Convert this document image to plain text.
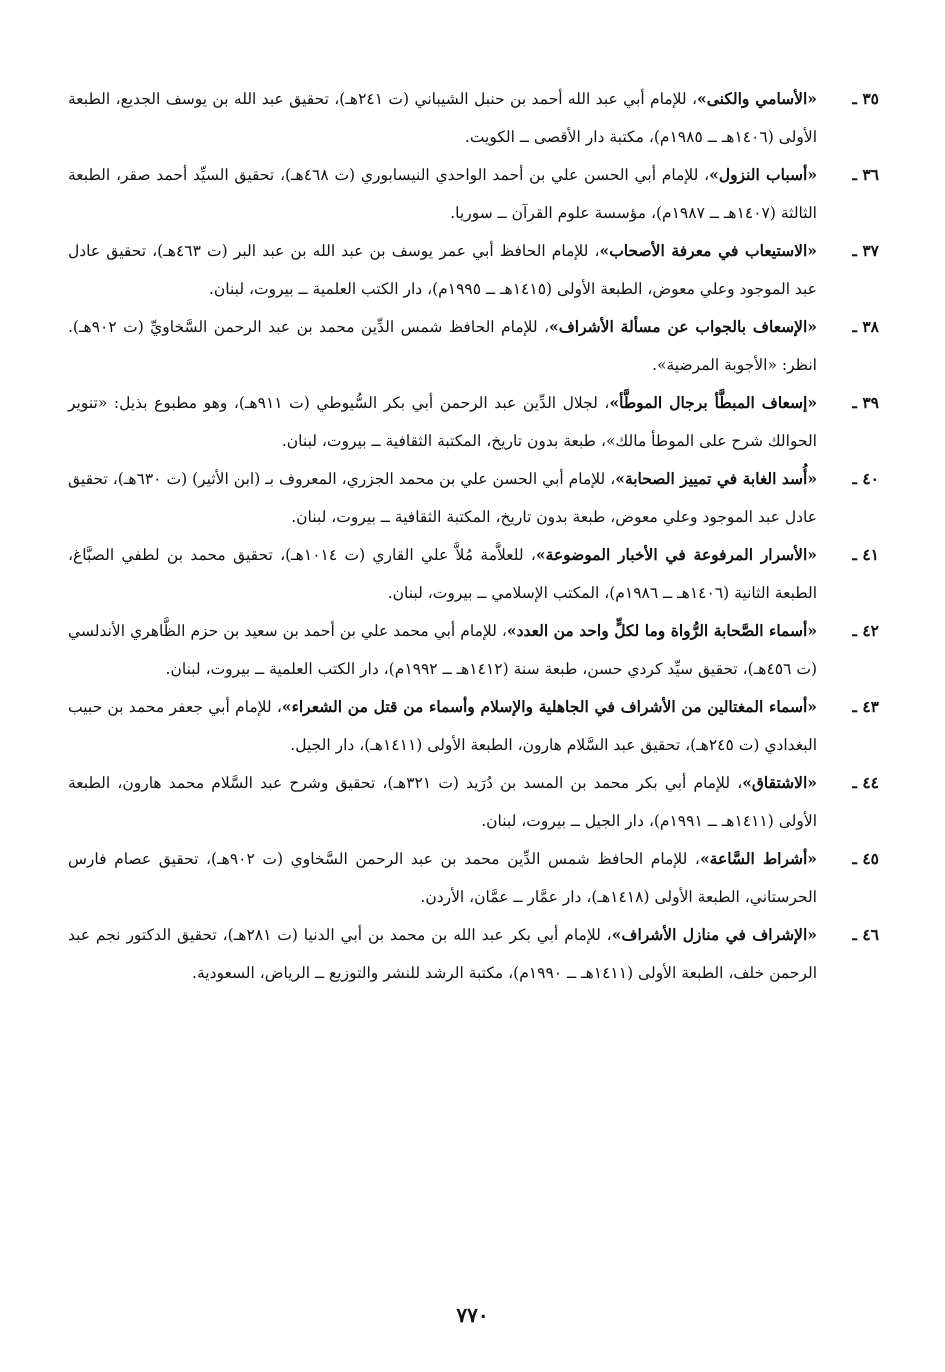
٣٥ ـ
«الأسامي والكنى»، للإمام أبي عبد الله أحمد بن حنبل الشيباني (ت ٢٤١هـ)، تحقيق عبد الله بن يوسف الجديع، الطبعة الأولى (١٤٠٦هـ ــ ١٩٨٥م)، مكتبة دار الأقصى ــ الكويت.

٣٦ ـ
«أسباب النزول»، للإمام أبي الحسن علي بن أحمد الواحدي النيسابوري (ت ٤٦٨هـ)، تحقيق السيِّد أحمد صقر، الطبعة الثالثة (١٤٠٧هـ ــ ١٩٨٧م)، مؤسسة علوم القرآن ــ سوريا.

٣٧ ـ
«الاستيعاب في معرفة الأصحاب»، للإمام الحافظ أبي عمر يوسف بن عبد الله بن عبد البر (ت ٤٦٣هـ)، تحقيق عادل عبد الموجود وعلي معوض، الطبعة الأولى (١٤١٥هـ ــ ١٩٩٥م)، دار الكتب العلمية ــ بيروت، لبنان.

٣٨ ـ
«الإسعاف بالجواب عن مسألة الأشراف»، للإمام الحافظ شمس الدِّين محمد بن عبد الرحمن السَّخاويِّ (ت ٩٠٢هـ). انظر: «الأجوبة المرضية».

٣٩ ـ
«إسعاف المبطَّأ برجال الموطَّأ»، لجلال الدِّين عبد الرحمن أبي بكر السُّيوطي (ت ٩١١هـ)، وهو مطبوع بذيل: «تنوير الحوالك شرح على الموطأ مالك»، طبعة بدون تاريخ، المكتبة الثقافية ــ بيروت، لبنان.

٤٠ ـ
«أُسد الغابة في تمييز الصحابة»، للإمام أبي الحسن علي بن محمد الجزري، المعروف بـ (ابن الأثير) (ت ٦٣٠هـ)، تحقيق عادل عبد الموجود وعلي معوض، طبعة بدون تاريخ، المكتبة الثقافية ــ بيروت، لبنان.

٤١ ـ
«الأسرار المرفوعة في الأخبار الموضوعة»، للعلاَّمة مُلاَّ علي القاري (ت ١٠١٤هـ)، تحقيق محمد بن لطفي الصبَّاغ، الطبعة الثانية (١٤٠٦هـ ــ ١٩٨٦م)، المكتب الإسلامي ــ بيروت، لبنان.

٤٢ ـ
«أسماء الصَّحابة الرُّواة وما لكلٍّ واحد من العدد»، للإمام أبي محمد علي بن أحمد بن سعيد بن حزم الظَّاهري الأندلسي (ت ٤٥٦هـ)، تحقيق سيِّد كردي حسن، طبعة سنة (١٤١٢هـ ــ ١٩٩٢م)، دار الكتب العلمية ــ بيروت، لبنان.

٤٣ ـ
«أسماء المغتالين من الأشراف في الجاهلية والإسلام وأسماء من قتل من الشعراء»، للإمام أبي جعفر محمد بن حبيب البغدادي (ت ٢٤٥هـ)، تحقيق عبد السَّلام هارون، الطبعة الأولى (١٤١١هـ)، دار الجيل.

٤٤ ـ
«الاشتقاق»، للإمام أبي بكر محمد بن المسد بن دُرَيد (ت ٣٢١هـ)، تحقيق وشرح عبد السَّلام محمد هارون، الطبعة الأولى (١٤١١هـ ــ ١٩٩١م)، دار الجيل ــ بيروت، لبنان.

٤٥ ـ
«أشراط السَّاعة»، للإمام الحافظ شمس الدِّين محمد بن عبد الرحمن السَّخاوي (ت ٩٠٢هـ)، تحقيق عصام فارس الحرستاني، الطبعة الأولى (١٤١٨هـ)، دار عمَّار ــ عمَّان، الأردن.

٤٦ ـ
«الإشراف في منازل الأشراف»، للإمام أبي بكر عبد الله بن محمد بن أبي الدنيا (ت ٢٨١هـ)، تحقيق الدكتور نجم عبد الرحمن خلف، الطبعة الأولى (١٤١١هـ ــ ١٩٩٠م)، مكتبة الرشد للنشر والتوزيع ــ الرياض، السعودية.

٧٧٠
